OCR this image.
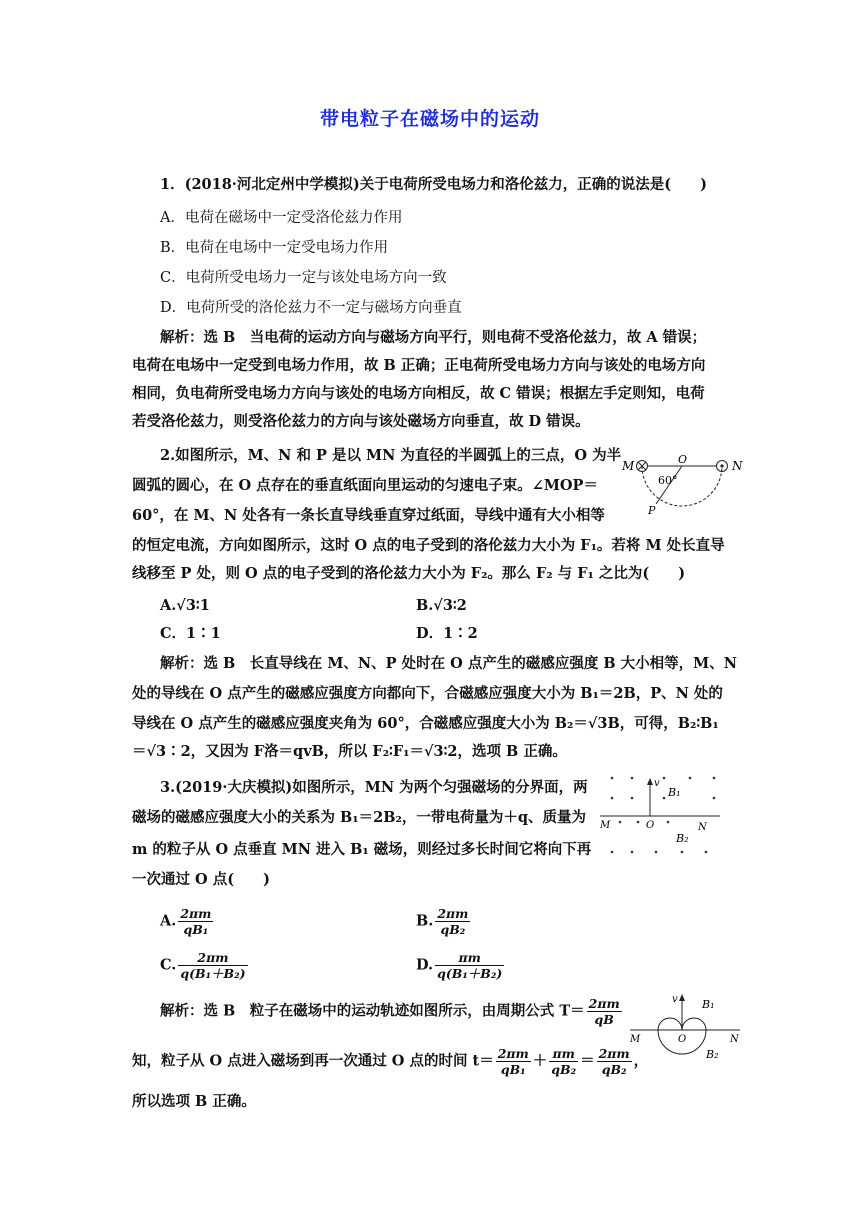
带电粒子在磁场中的运动
1．(2018·河北定州中学模拟)关于电荷所受电场力和洛伦兹力，正确的说法是(　　)
A．电荷在磁场中一定受洛伦兹力作用
B．电荷在电场中一定受电场力作用
C．电荷所受电场力一定与该处电场方向一致
D．电荷所受的洛伦兹力不一定与磁场方向垂直
解析：选 B　当电荷的运动方向与磁场方向平行，则电荷不受洛伦兹力，故 A 错误；
电荷在电场中一定受到电场力作用，故 B 正确；正电荷所受电场力方向与该处的电场方向
相同，负电荷所受电场力方向与该处的电场方向相反，故 C 错误；根据左手定则知，电荷
若受洛伦兹力，则受洛伦兹力的方向与该处磁场方向垂直，故 D 错误。
2.如图所示，M、N 和 P 是以 MN 为直径的半圆弧上的三点，O 为半
圆弧的圆心，在 O 点存在的垂直纸面向里运动的匀速电子束。∠MOP＝
60°，在 M、N 处各有一条长直导线垂直穿过纸面，导线中通有大小相等
的恒定电流，方向如图所示，这时 O 点的电子受到的洛伦兹力大小为 F₁。若将 M 处长直导
线移至 P 处，则 O 点的电子受到的洛伦兹力大小为 F₂。那么 F₂ 与 F₁ 之比为(　　)
M	N
O
60°
P
A.√3∶1	B.√3∶2
C．1∶1	D．1∶2
解析：选 B　长直导线在 M、N、P 处时在 O 点产生的磁感应强度 B 大小相等，M、N
处的导线在 O 点产生的磁感应强度方向都向下，合磁感应强度大小为 B₁＝2B，P、N 处的
导线在 O 点产生的磁感应强度夹角为 60°，合磁感应强度大小为 B₂＝√3B，可得，B₂∶B₁
＝√3∶2，又因为 F洛＝qvB，所以 F₂∶F₁＝√3∶2，选项 B 正确。
3.(2019·大庆模拟)如图所示，MN 为两个匀强磁场的分界面，两
磁场的磁感应强度大小的关系为 B₁＝2B₂，一带电荷量为＋q、质量为
m 的粒子从 O 点垂直 MN 进入 B₁ 磁场，则经过多长时间它将向下再
一次通过 O 点(　　)
v
B₁
M	O	N
B₂
A. $\frac{2\pi m}{\text{qB₁}}$	B. $\frac{2\pi m}{\text{qB₂}}$
C. $\frac{2\pi m}{\text{q(B₁＋B₂)}}$	D. $\frac{\pi m}{\text{q(B₁＋B₂)}}$
解析：选 B　粒子在磁场中的运动轨迹如图所示，由周期公式 $T= \frac{2\pi m}{qB}$	v B₁
M	O	N
B₂
知，粒子从 O 点进入磁场到再一次通过 O 点的时间 $t= \frac{2\pi m}{\text{qB₁}} + \frac{\pi m}{\text{qB₂}} = \frac{2\pi m}{\text{qB₂}}$ ，
所以选项 B 正确。
